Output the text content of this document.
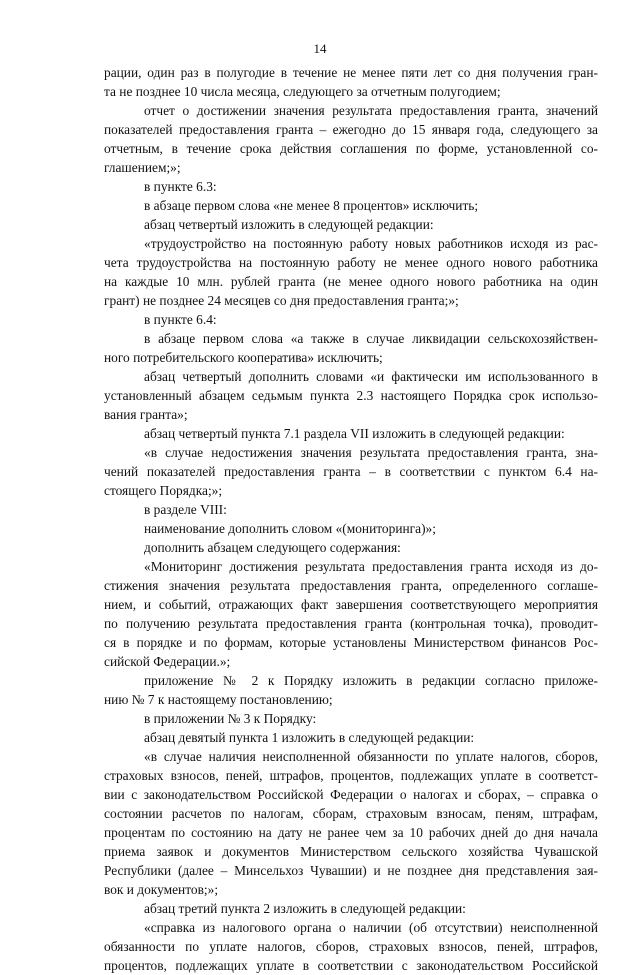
14
рации, один раз в полугодие в течение не менее пяти лет со дня получения гран-
та не позднее 10 числа месяца, следующего за отчетным полугодием;
отчет о достижении значения результата предоставления гранта, значений
показателей предоставления гранта – ежегодно до 15 января года, следующего за
отчетным, в течение срока действия соглашения по форме, установленной со-
глашением;»;
в пункте 6.3:
в абзаце первом слова «не менее 8 процентов» исключить;
абзац четвертый изложить в следующей редакции:
«трудоустройство на постоянную работу новых работников исходя из рас-
чета трудоустройства на постоянную работу не менее одного нового работника
на каждые 10 млн. рублей гранта (не менее одного нового работника на один
грант) не позднее 24 месяцев со дня предоставления гранта;»;
в пункте 6.4:
в абзаце первом слова «а также в случае ликвидации сельскохозяйствен-
ного потребительского кооператива» исключить;
абзац четвертый дополнить словами «и фактически им использованного в
установленный абзацем седьмым пункта 2.3 настоящего Порядка срок использо-
вания гранта»;
абзац четвертый пункта 7.1 раздела VII изложить в следующей редакции:
«в случае недостижения значения результата предоставления гранта, зна-
чений показателей предоставления гранта – в соответствии с пунктом 6.4 на-
стоящего Порядка;»;
в разделе VIII:
наименование дополнить словом «(мониторинга)»;
дополнить абзацем следующего содержания:
«Мониторинг достижения результата предоставления гранта исходя из до-
стижения значения результата предоставления гранта, определенного соглаше-
нием, и событий, отражающих факт завершения соответствующего мероприятия
по получению результата предоставления гранта (контрольная точка), проводит-
ся в порядке и по формам, которые установлены Министерством финансов Рос-
сийской Федерации.»;
приложение № 2 к Порядку изложить в редакции согласно приложе-
нию № 7 к настоящему постановлению;
в приложении № 3 к Порядку:
абзац девятый пункта 1 изложить в следующей редакции:
«в случае наличия неисполненной обязанности по уплате налогов, сборов,
страховых взносов, пеней, штрафов, процентов, подлежащих уплате в соответст-
вии с законодательством Российской Федерации о налогах и сборах, – справка о
состоянии расчетов по налогам, сборам, страховым взносам, пеням, штрафам,
процентам по состоянию на дату не ранее чем за 10 рабочих дней до дня начала
приема заявок и документов Министерством сельского хозяйства Чувашской
Республики (далее – Минсельхоз Чувашии) и не позднее дня представления зая-
вок и документов;»;
абзац третий пункта 2 изложить в следующей редакции:
«справка из налогового органа о наличии (об отсутствии) неисполненной
обязанности по уплате налогов, сборов, страховых взносов, пеней, штрафов,
процентов, подлежащих уплате в соответствии с законодательством Российской
